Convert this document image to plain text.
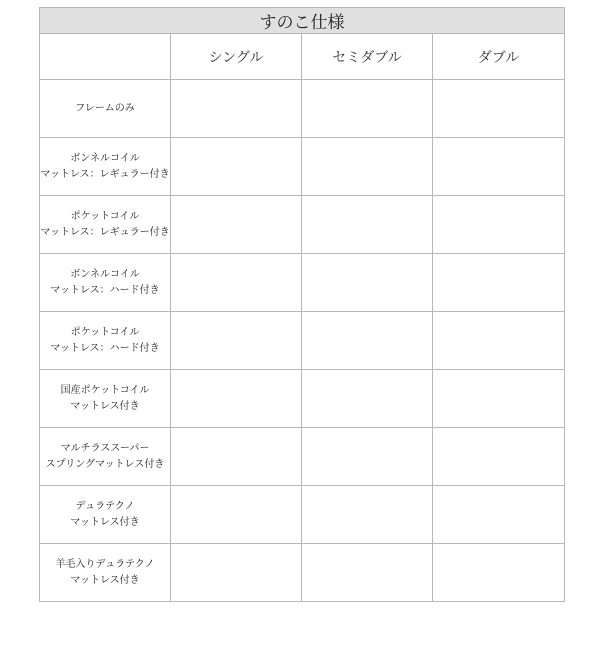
すのこ仕様			
	シングル	セミダブル	ダブル

フレームのみ			

ボンネルコイル
マットレス：レギュラー付き			

ポケットコイル
マットレス：レギュラー付き			

ボンネルコイル
マットレス：ハード付き			

ポケットコイル
マットレス：ハード付き			

国産ポケットコイル
マットレス付き			

マルチラススーパー
スプリングマットレス付き			

デュラテクノ
マットレス付き			

羊毛入りデュラテクノ
マットレス付き			
